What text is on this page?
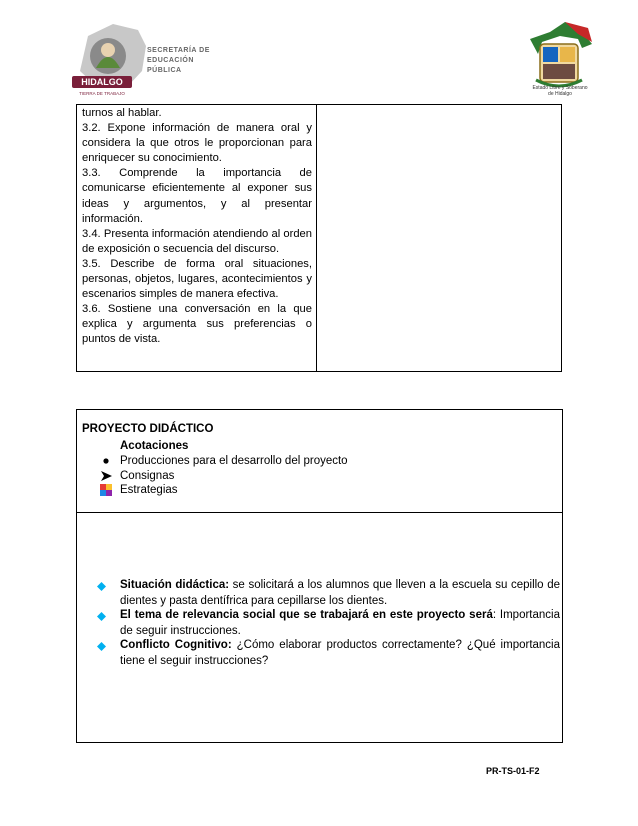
HIDALGO
TIERRA DE TRABAJO
SECRETARÍA DE
EDUCACIÓN
PÚBLICA
Estado Libre y Soberano
de Hidalgo
turnos al hablar.
3.2. Expone información de manera oral y considera la que otros le proporcionan para enriquecer su conocimiento.
3.3. Comprende la importancia de comunicarse eficientemente al exponer sus ideas y argumentos, y al presentar información.
3.4. Presenta información atendiendo al orden de exposición o secuencia del discurso.
3.5. Describe de forma oral situaciones, personas, objetos, lugares, acontecimientos y escenarios simples de manera efectiva.
3.6. Sostiene una conversación en la que explica y argumenta sus preferencias o puntos de vista.

PROYECTO DIDÁCTICO
Acotaciones
Producciones para el desarrollo del proyecto
Consignas
Estrategias
Situación didáctica: se solicitará a los alumnos que lleven a la escuela su cepillo de dientes y pasta dentífrica para cepillarse los dientes.
El tema de relevancia social que se trabajará en este proyecto será: Importancia de seguir instrucciones.
Conflicto Cognitivo: ¿Cómo elaborar productos correctamente? ¿Qué importancia tiene el seguir instrucciones?
PR-TS-01-F2
